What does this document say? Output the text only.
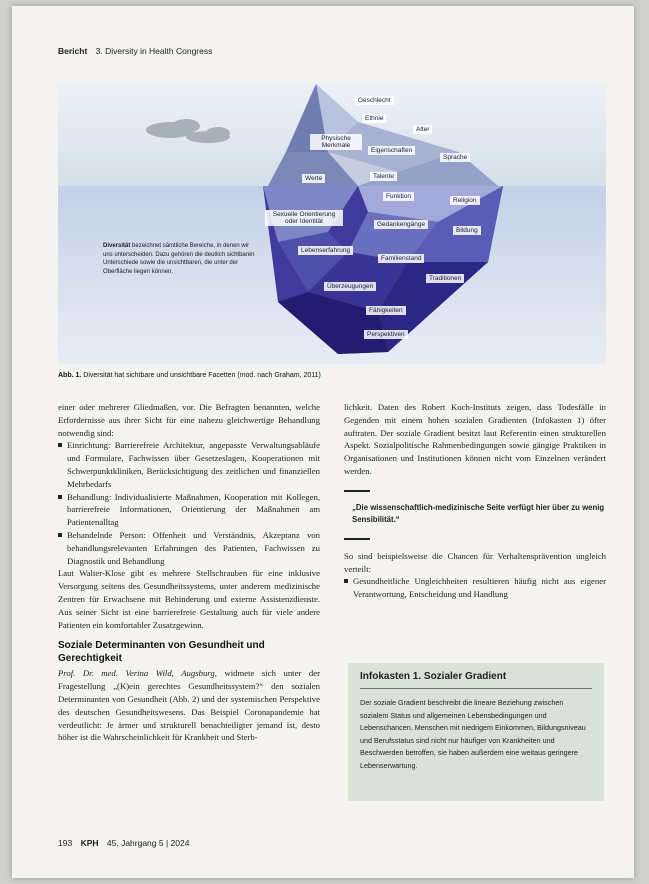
Bericht 3. Diversity in Health Congress
Geschlecht
Ethnie
Alter
Physische Merkmale
Eigenschaften
Sprache
Werte	Talente
Funktion
Religion
Sexuelle Orientierung oder Identität	Gedankengänge
Bildung
Lebenserfahrung
Familienstand
Traditionen
Überzeugungen
Fähigkeiten
Perspektiven
Diversität bezeichnet sämtliche Bereiche, in denen wir uns unterscheiden. Dazu gehören die deutlich sichtbaren Unterschiede sowie die unsichtbaren, die unter der Oberfläche liegen können.
Abb. 1. Diversität hat sichtbare und unsichtbare Facetten (mod. nach Graham, 2011)

einer oder mehrerer Gliedmaßen, vor. Die Befragten benannten, welche Erfordernisse aus ihrer Sicht für eine nahezu gleichwertige Behandlung notwendig sind:

Einrichtung: Barrierefreie Architektur, angepasste Verwaltungsabläufe und Formulare, Fachwissen über Gesetzeslagen, Kooperationen mit Schwerpunktkliniken, Berücksichtigung des zeitlichen und finanziellen Mehrbedarfs
Behandlung: Individualisierte Maßnahmen, Kooperation mit Kollegen, barrierefreie Informationen, Orientierung der Maßnahmen am Patientenalltag
Behandelnde Person: Offenheit und Verständnis, Akzeptanz von behandlungsrelevanten Erfahrungen des Patienten, Fachwissen zu Diagnostik und Behandlung

Laut Walter-Klose gibt es mehrere Stellschrauben für eine inklusive Versorgung seitens des Gesundheitssystems, unter anderem medizinische Zentren für Erwachsene mit Behinderung und externe Assistenzdienste. Aus seiner Sicht ist eine barrierefreie Gestaltung auch für viele andere Patienten ein komfortabler Zusatzgewinn.

Soziale Determinanten von Gesundheit und Gerechtigkeit

Prof. Dr. med. Verina Wild, Augsburg, widmete sich unter der Fragestellung „(K)ein gerechtes Gesundheitssystem?“ den sozialen Determinanten von Gesundheit (Abb. 2) und der systemischen Perspektive des deutschen Gesundheitswesens. Das Beispiel Coronapandemie hat verdeutlicht: Je ärmer und strukturell benachteiligter jemand ist, desto höher ist die Wahrscheinlichkeit für Krankheit und Sterb-

lichkeit. Daten des Robert Koch-Instituts zeigen, dass Todesfälle in Gegenden mit einem hohen sozialen Gradienten (Infokasten 1) öfter auftraten. Der soziale Gradient besitzt laut Referentin einen strukturellen Aspekt. Sozialpolitische Rahmenbedingungen sowie gängige Praktiken in Organisationen und Institutionen können nicht vom Einzelnen verändert werden.

„Die wissenschaftlich-medizinische Seite verfügt hier über zu wenig Sensibilität.“

So sind beispielsweise die Chancen für Verhaltensprävention ungleich verteilt:

Gesundheitliche Ungleichheiten resultieren häufig nicht aus eigener Verantwortung, Entscheidung und Handlung
Infokasten 1. Sozialer Gradient
Der soziale Gradient beschreibt die lineare Beziehung zwischen sozialem Status und allgemeinen Lebensbedingungen und Lebenschancen. Menschen mit niedrigem Einkommen, Bildungsniveau und Berufsstatus sind nicht nur häufiger von Krankheiten und Beschwerden betroffen, sie haben außerdem eine weitaus geringere Lebenserwartung.
193 KPH 45. Jahrgang 5 | 2024
